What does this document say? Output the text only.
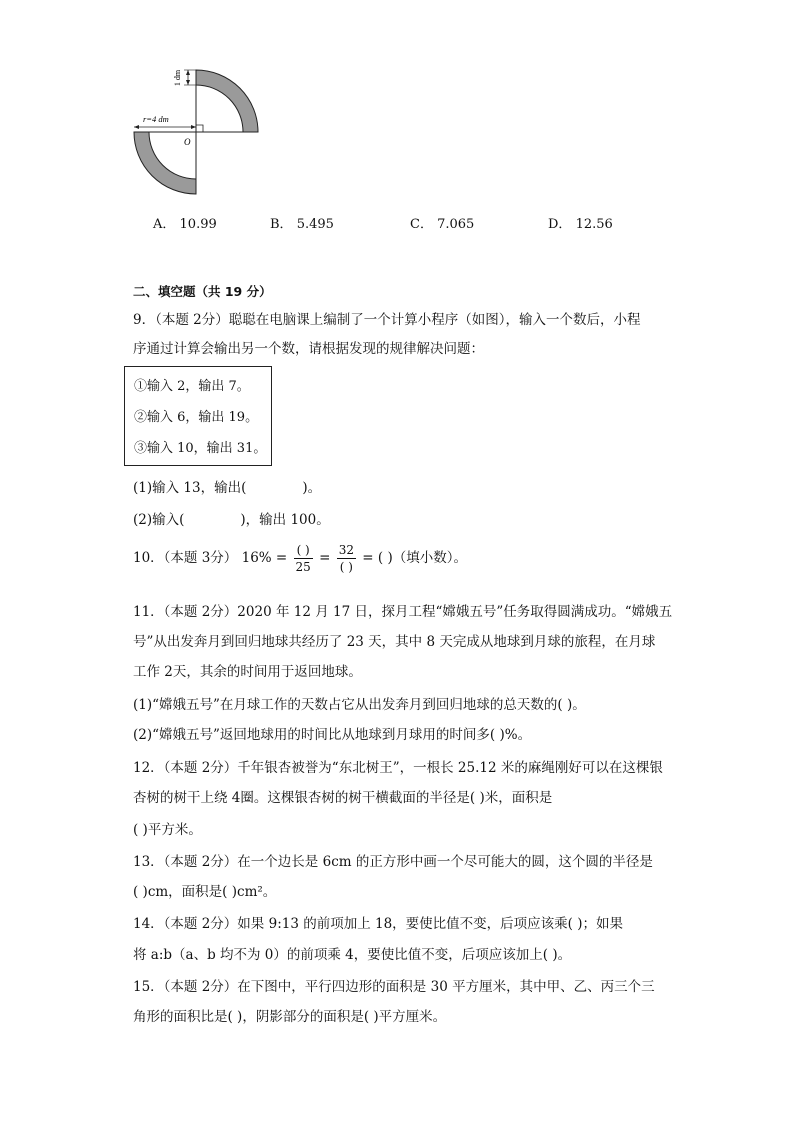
1 dm
r=4 dm
O
A． 10.99	B． 5.495	C． 7.065	D． 12.56
二、填空题（共 19 分）
9．（本题 2分）聪聪在电脑课上编制了一个计算小程序（如图），输入一个数后，小程
序通过计算会输出另一个数，请根据发现的规律解决问题：
①输入 2，输出 7。
②输入 6，输出 19。
③输入 10，输出 31。
(1)输入 13，输出(	)。
(2)输入(	)，输出 100。
10．（本题 3分） $16\% = \frac{( )}{25} = \frac{32}{( )}$ = ( )（填小数）。
11．（本题 2分）2020 年 12 月 17 日，探月工程“嫦娥五号”任务取得圆满成功。“嫦娥五
号”从出发奔月到回归地球共经历了 23 天，其中 8 天完成从地球到月球的旅程，在月球
工作 2天，其余的时间用于返回地球。
(1)“嫦娥五号”在月球工作的天数占它从出发奔月到回归地球的总天数的( )。
(2)“嫦娥五号”返回地球用的时间比从地球到月球用的时间多( )%。
12．（本题 2分）千年银杏被誉为“东北树王”，一根长 25.12 米的麻绳刚好可以在这棵银
杏树的树干上绕 4圈。这棵银杏树的树干横截面的半径是( )米，面积是
( )平方米。
13．（本题 2分）在一个边长是 6cm 的正方形中画一个尽可能大的圆，这个圆的半径是
( )cm，面积是( )cm²。
14．（本题 2分）如果 9:13 的前项加上 18，要使比值不变，后项应该乘( )；如果
将 a:b（a、b 均不为 0）的前项乘 4，要使比值不变，后项应该加上( )。
15．（本题 2分）在下图中，平行四边形的面积是 30 平方厘米，其中甲、乙、丙三个三
角形的面积比是( )，阴影部分的面积是( )平方厘米。
